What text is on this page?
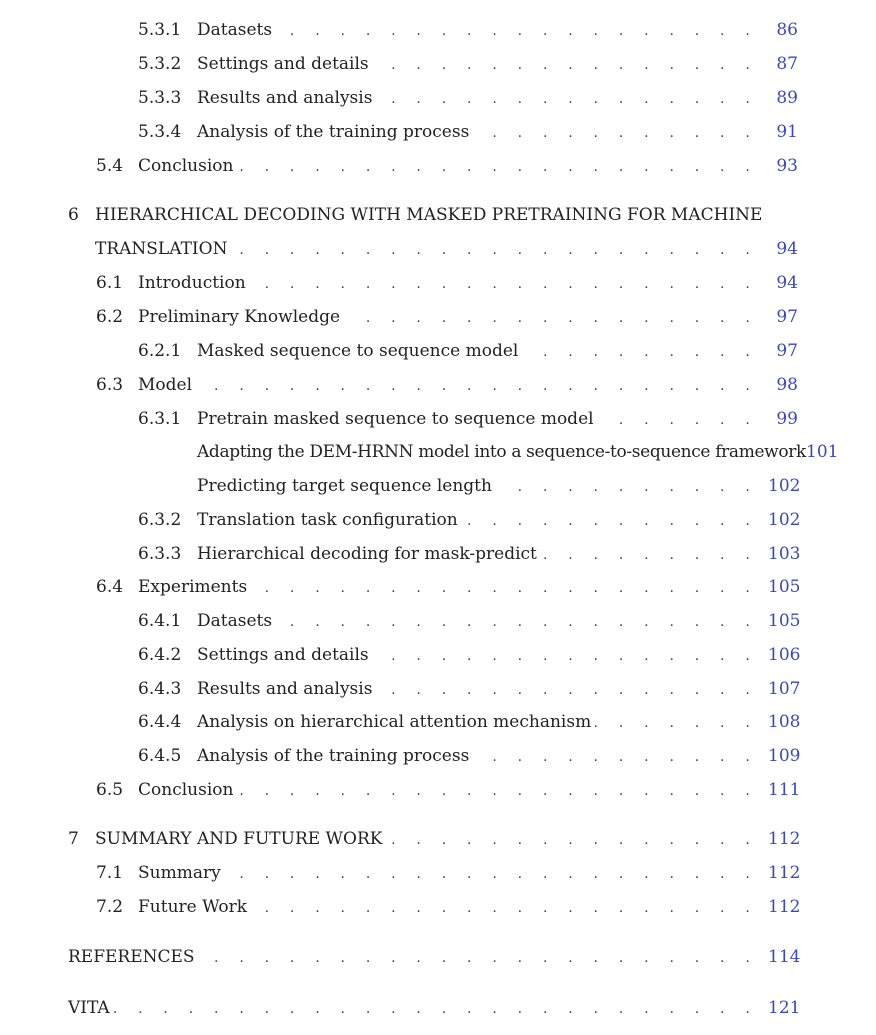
5.3.1 Datasets . . .	86
5.3.2 Settings and details . . .	87
5.3.3 Results and analysis . . .	89
5.3.4 Analysis of the training process . . .	91
5.4 Conclusion . . .	93
6 HIERARCHICAL DECODING WITH MASKED PRETRAINING FOR MACHINE
TRANSLATION . . .	94
6.1 Introduction . . .	94
6.2 Preliminary Knowledge . . .	97
6.2.1 Masked sequence to sequence model . . .	97
6.3 Model . . .	98
6.3.1 Pretrain masked sequence to sequence model . . .	99
Adapting the DEM-HRNN model into a sequence-to-sequence framework 101
Predicting target sequence length . . .	102
6.3.2 Translation task configuration . . .	102
6.3.3 Hierarchical decoding for mask-predict . . .	103
6.4 Experiments . . .	105
6.4.1 Datasets . . .	105
6.4.2 Settings and details . . .	106
6.4.3 Results and analysis . . .	107
6.4.4 Analysis on hierarchical attention mechanism . . .	108
6.4.5 Analysis of the training process . . .	109
6.5 Conclusion . . .	111
7 SUMMARY AND FUTURE WORK . . .	112
7.1 Summary . . .	112
7.2 Future Work . . .	112
REFERENCES . . .	114
VITA . . .	121
